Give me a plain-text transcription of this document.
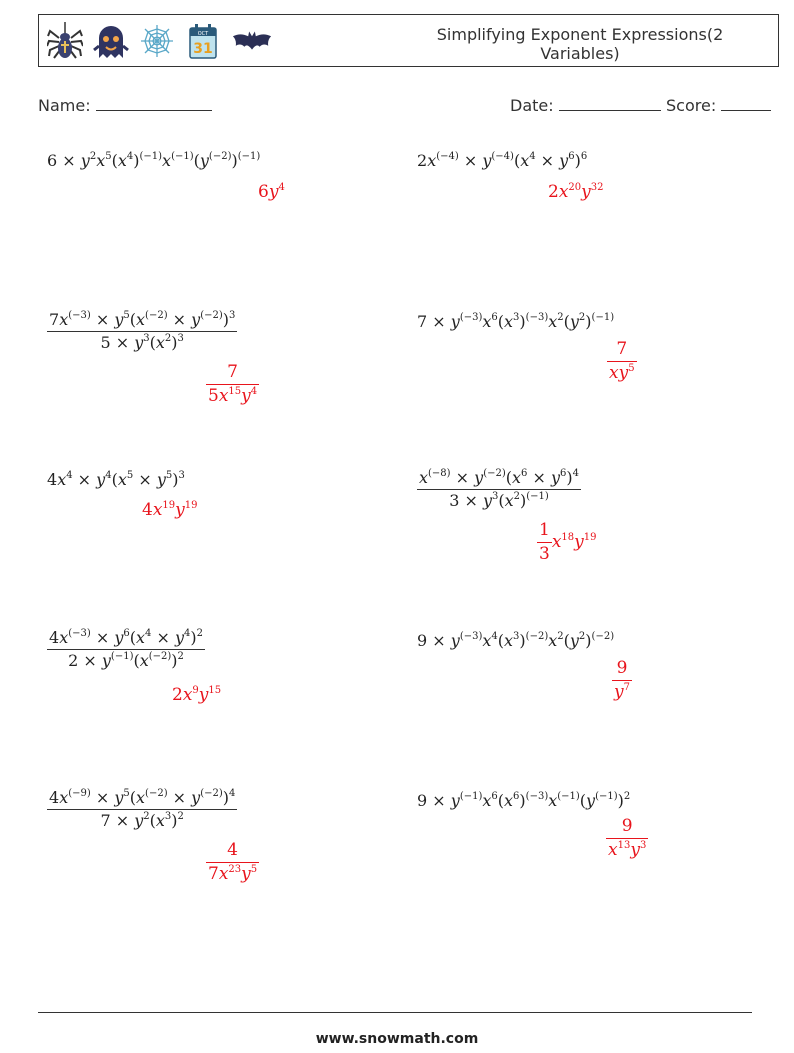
OCT
31
Simplifying Exponent Expressions(2 Variables)
Name:	Date:	Score:
$6 \times y^2x^5(x^4)^{(-1)}x^{(-1)}(y^{(-2)})^{(-1)}$
$6y^4$
$2x^{(-4)} \times y^{(-4)}(x^4 \times y^6)^6$
$2x^{20}y^{32}$
$\frac{7x^{(-3)} \times y^5(x^{(-2)} \times y^{(-2)})^3}{5 \times y^3(x^2)^3}$
$\frac{7}{5x^{15}y^4}$
$7 \times y^{(-3)}x^6(x^3)^{(-3)}x^2(y^2)^{(-1)}$
$\frac{7}{xy^5}$
$4x^4 \times y^4(x^5 \times y^5)^3$
$4x^{19}y^{19}$	$\frac{x^{(-8)} \times y^{(-2)}(x^6 \times y^6)^4}{3 \times y^3(x^2)^{(-1)}}$
$\frac{1}{3} x^{18}y^{19}$
$\frac{4x^{(-3)} \times y^6(x^4 \times y^4)^2}{2 \times y^{(-1)}(x^{(-2)})^2}$
$2x^9y^{15}$
$9 \times y^{(-3)}x^4(x^3)^{(-2)}x^2(y^2)^{(-2)}$
$\frac{9}{y^7}$
$\frac{4x^{(-9)} \times y^5(x^{(-2)} \times y^{(-2)})^4}{7 \times y^2(x^3)^2}$
$\frac{4}{7x^{23}y^5}$
$9 \times y^{(-1)}x^6(x^6)^{(-3)}x^{(-1)}(y^{(-1)})^2$
$\frac{9}{x^{13}y^3}$
www.snowmath.com
